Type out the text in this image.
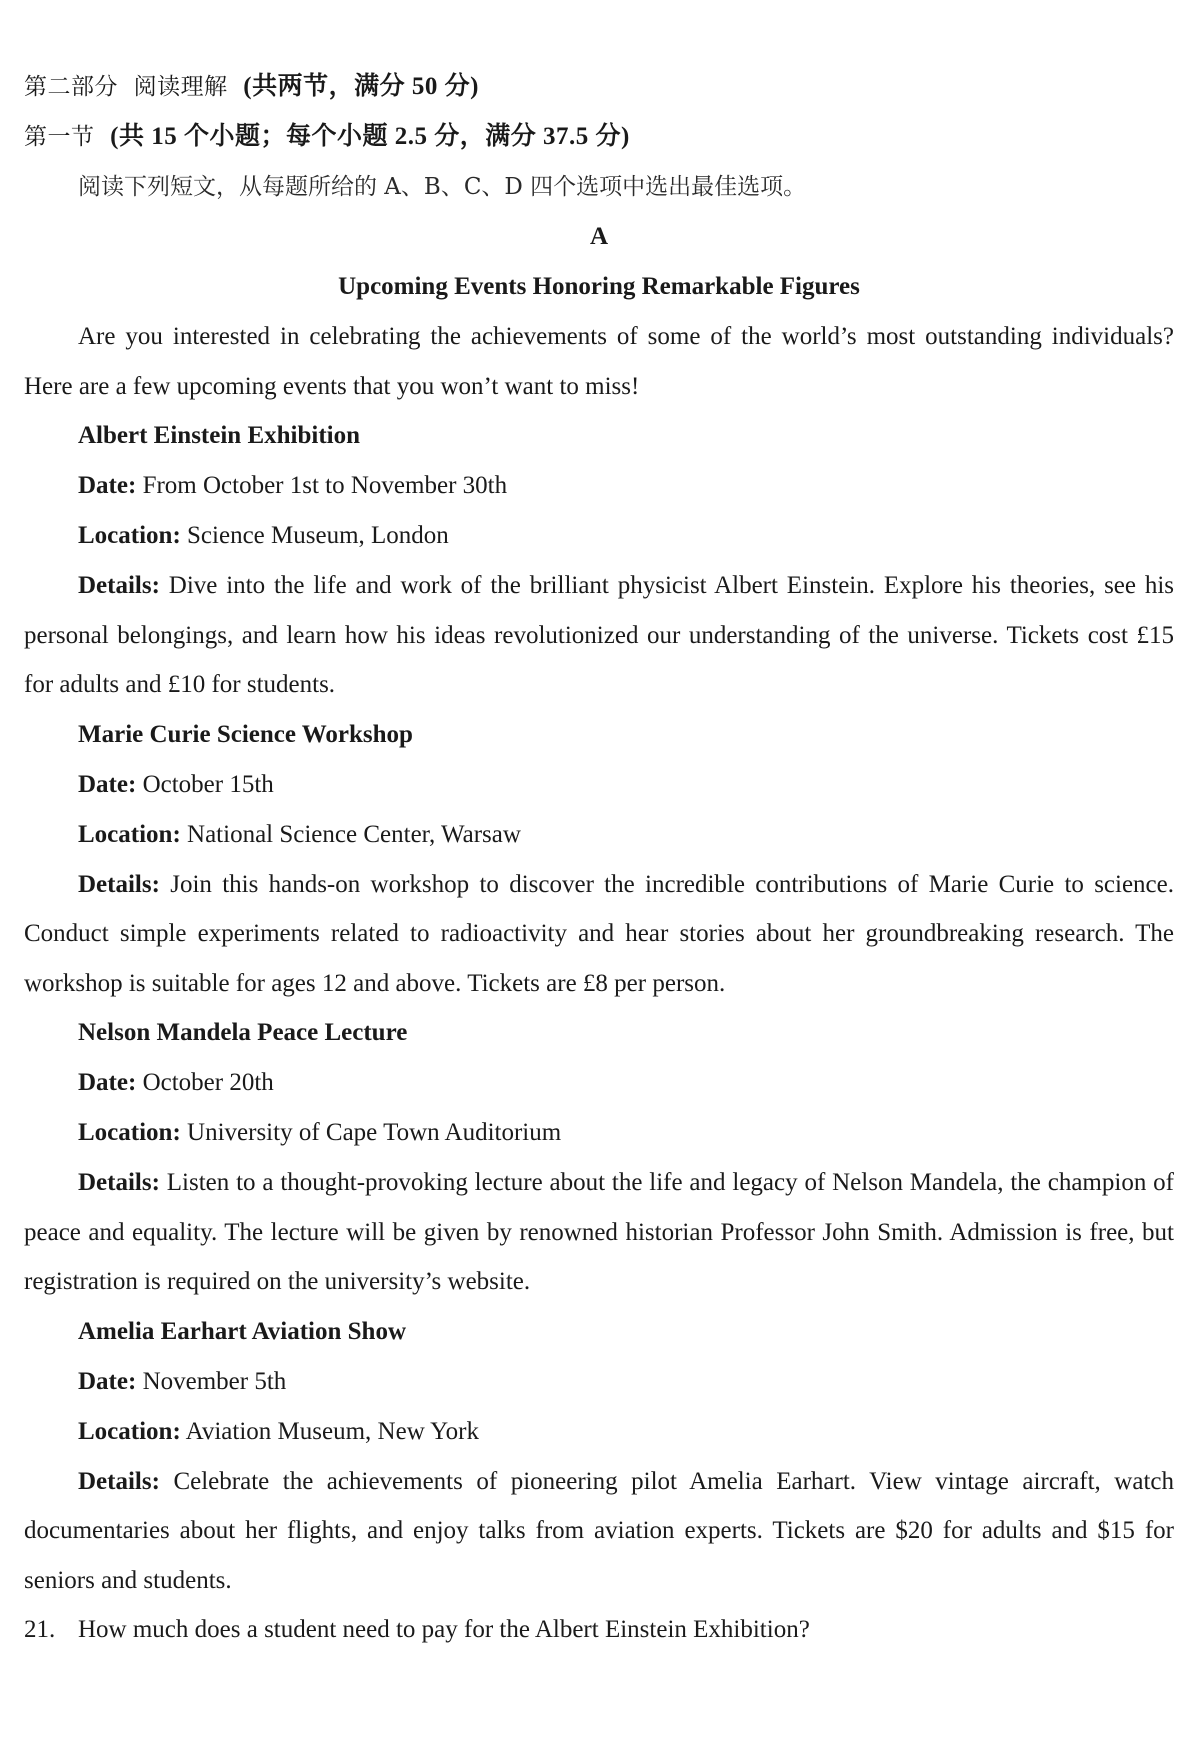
第二部分 阅读理解 (共两节，满分 50 分)
第一节 (共 15 个小题；每个小题 2.5 分，满分 37.5 分)
阅读下列短文，从每题所给的 A、B、C、D 四个选项中选出最佳选项。
A
Upcoming Events Honoring Remarkable Figures

Are you interested in celebrating the achievements of some of the world’s most outstanding individuals? Here are a few upcoming events that you won’t want to miss!

Albert Einstein Exhibition
Date: From October 1st to November 30th
Location: Science Museum, London

Details: Dive into the life and work of the brilliant physicist Albert Einstein. Explore his theories, see his personal belongings, and learn how his ideas revolutionized our understanding of the universe. Tickets cost £15 for adults and £10 for students.

Marie Curie Science Workshop
Date: October 15th
Location: National Science Center, Warsaw

Details: Join this hands-on workshop to discover the incredible contributions of Marie Curie to science. Conduct simple experiments related to radioactivity and hear stories about her groundbreaking research. The workshop is suitable for ages 12 and above. Tickets are £8 per person.

Nelson Mandela Peace Lecture
Date: October 20th
Location: University of Cape Town Auditorium

Details: Listen to a thought-provoking lecture about the life and legacy of Nelson Mandela, the champion of peace and equality. The lecture will be given by renowned historian Professor John Smith. Admission is free, but registration is required on the university’s website.

Amelia Earhart Aviation Show
Date: November 5th
Location: Aviation Museum, New York

Details: Celebrate the achievements of pioneering pilot Amelia Earhart. View vintage aircraft, watch documentaries about her flights, and enjoy talks from aviation experts. Tickets are $20 for adults and $15 for seniors and students.

21. How much does a student need to pay for the Albert Einstein Exhibition?
